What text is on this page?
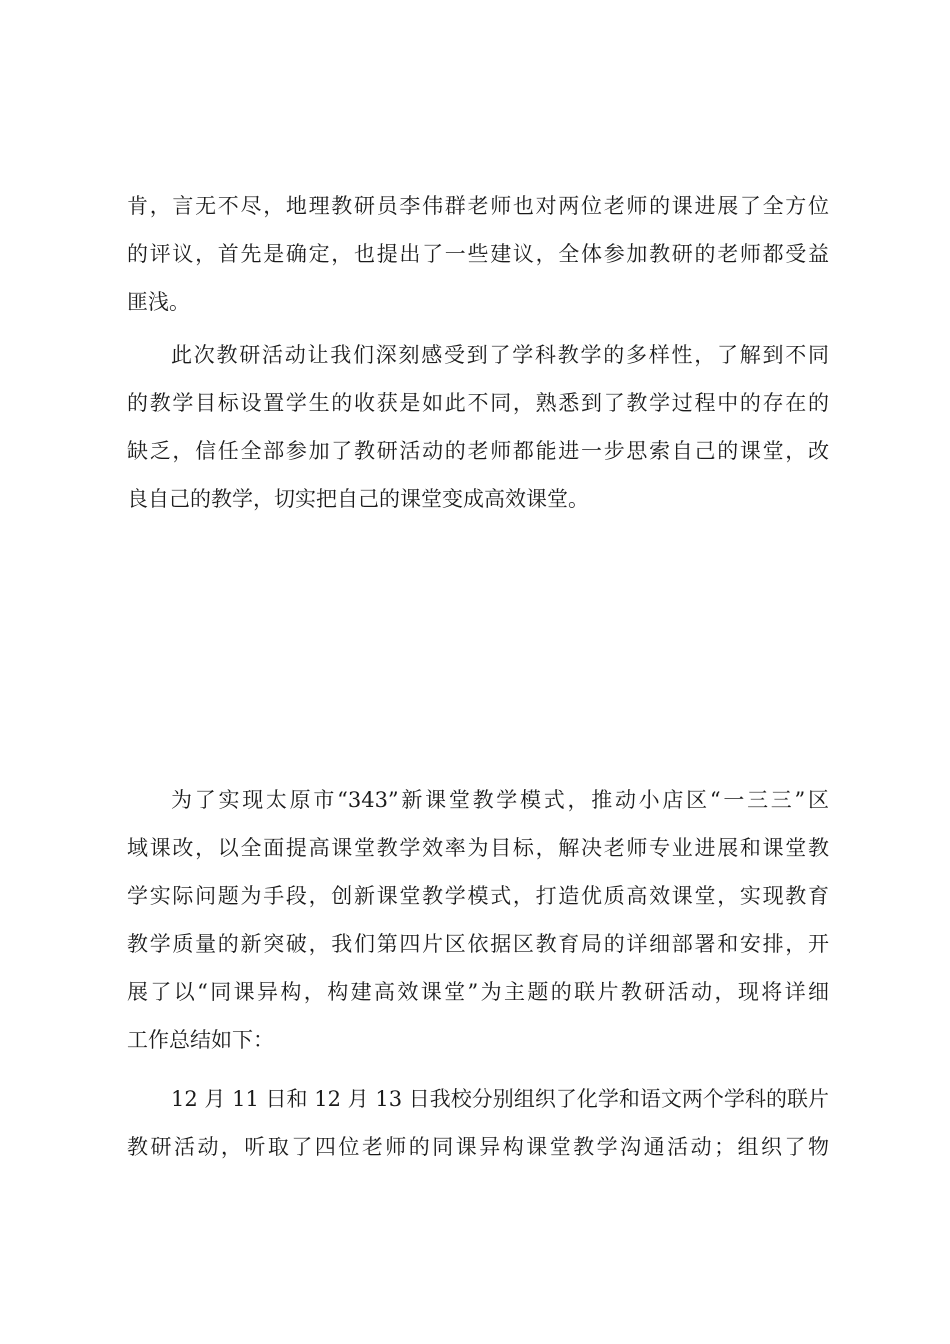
肯，言无不尽，地理教研员李伟群老师也对两位老师的课进展了全方位
的评议，首先是确定，也提出了一些建议，全体参加教研的老师都受益
匪浅。
此次教研活动让我们深刻感受到了学科教学的多样性，了解到不同
的教学目标设置学生的收获是如此不同，熟悉到了教学过程中的存在的
缺乏，信任全部参加了教研活动的老师都能进一步思索自己的课堂，改
良自己的教学，切实把自己的课堂变成高效课堂。

为了实现太原市“343”新课堂教学模式，推动小店区“一三三”区
域课改，以全面提高课堂教学效率为目标，解决老师专业进展和课堂教
学实际问题为手段，创新课堂教学模式，打造优质高效课堂，实现教育
教学质量的新突破，我们第四片区依据区教育局的详细部署和安排，开
展了以“同课异构，构建高效课堂”为主题的联片教研活动，现将详细
工作总结如下：
12 月 11 日和 12 月 13 日我校分别组织了化学和语文两个学科的联片
教研活动，听取了四位老师的同课异构课堂教学沟通活动；组织了物
